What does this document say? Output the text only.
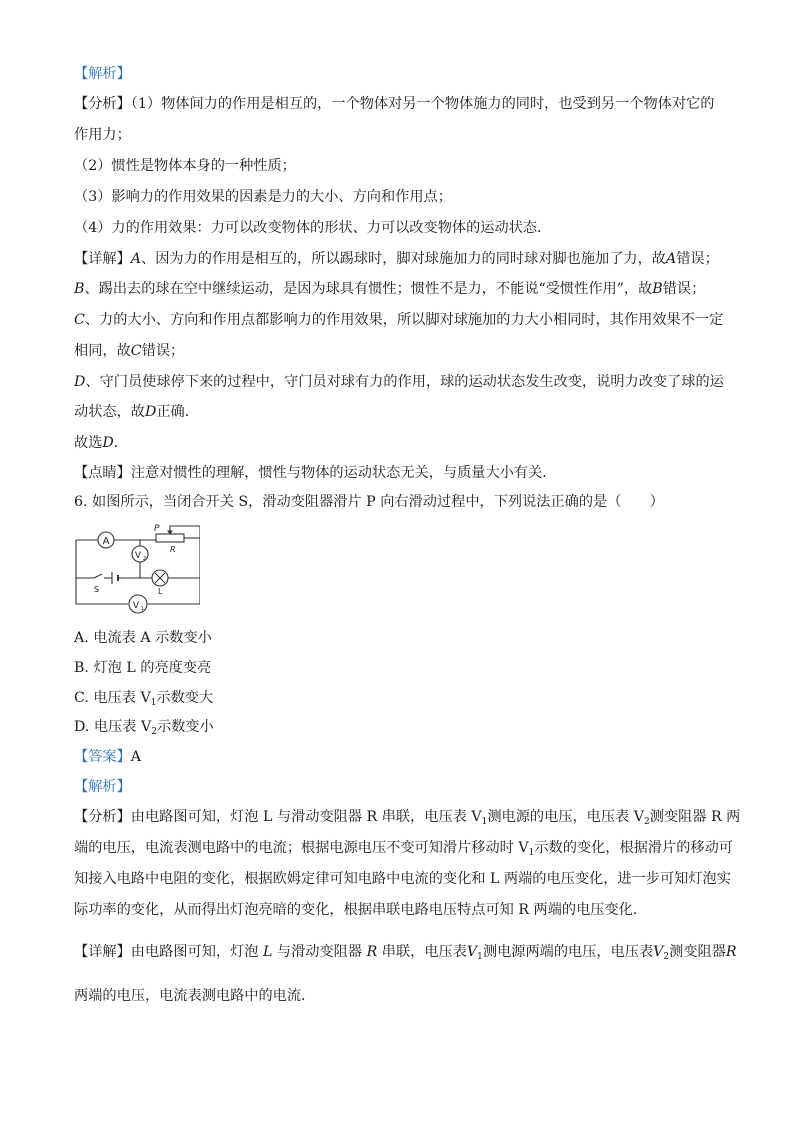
【解析】
【分析】（1）物体间力的作用是相互的，一个物体对另一个物体施力的同时，也受到另一个物体对它的
作用力；
（2）惯性是物体本身的一种性质；
（3）影响力的作用效果的因素是力的大小、方向和作用点；
（4）力的作用效果：力可以改变物体的形状、力可以改变物体的运动状态．
【详解】A、因为力的作用是相互的，所以踢球时，脚对球施加力的同时球对脚也施加了力，故A错误；
B、踢出去的球在空中继续运动，是因为球具有惯性；惯性不是力，不能说“受惯性作用”，故B错误；
C、力的大小、方向和作用点都影响力的作用效果，所以脚对球施加的力大小相同时，其作用效果不一定
相同，故C错误；
D、守门员使球停下来的过程中，守门员对球有力的作用，球的运动状态发生改变，说明力改变了球的运
动状态，故D正确．
故选D．
【点睛】注意对惯性的理解，惯性与物体的运动状态无关，与质量大小有关．
6. 如图所示，当闭合开关 S，滑动变阻器滑片 P 向右滑动过程中，下列说法正确的是（　　）
A
V 2
V 1
P
R
S	L
A. 电流表 A 示数变小
B. 灯泡 L 的亮度变亮
C. 电压表 $V_1$示数变大
D. 电压表 $V_2$示数变小
【答案】A
【解析】
【分析】由电路图可知，灯泡 L 与滑动变阻器 R 串联，电压表 $V_1$测电源的电压，电压表 $V_2$测变阻器 R 两
端的电压，电流表测电路中的电流；根据电源电压不变可知滑片移动时 $V_1$示数的变化，根据滑片的移动可
知接入电路中电阻的变化，根据欧姆定律可知电路中电流的变化和 L 两端的电压变化，进一步可知灯泡实
际功率的变化，从而得出灯泡亮暗的变化，根据串联电路电压特点可知 R 两端的电压变化．
【详解】由电路图可知，灯泡 L 与滑动变阻器 R 串联，电压表$V_1$测电源两端的电压，电压表$V_2$测变阻器R
两端的电压，电流表测电路中的电流．
